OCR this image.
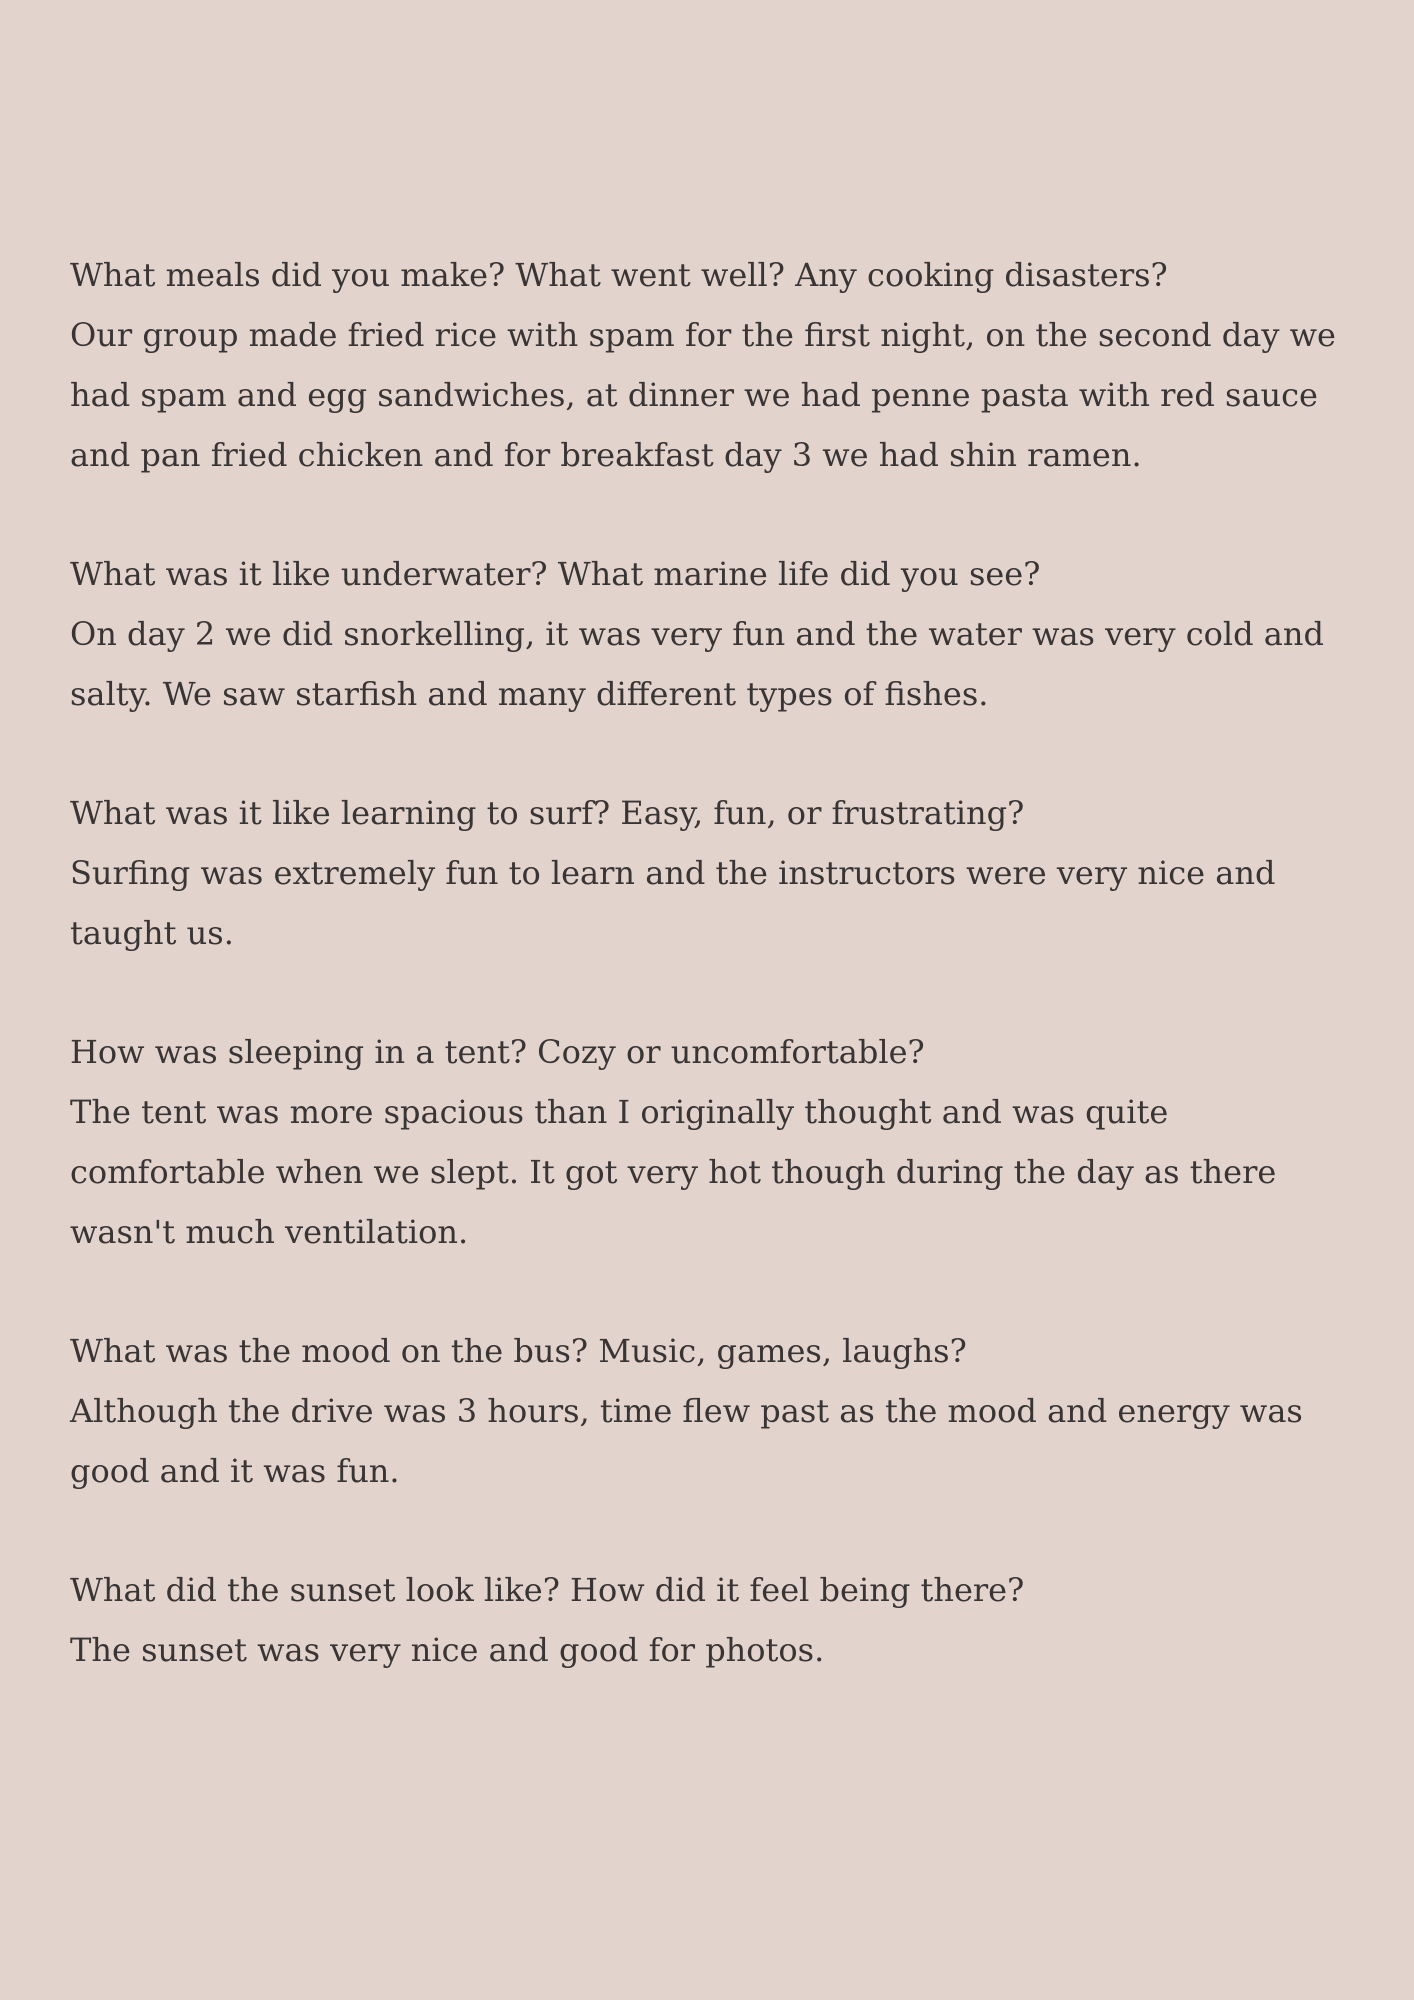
What meals did you make? What went well? Any cooking disasters?

Our group made fried rice with spam for the first night, on the second day we had spam and egg sandwiches, at dinner we had penne pasta with red sauce and pan fried chicken and for breakfast day 3 we had shin ramen.

What was it like underwater? What marine life did you see?

On day 2 we did snorkelling, it was very fun and the water was very cold and salty. We saw starfish and many different types of fishes.

What was it like learning to surf? Easy, fun, or frustrating?

Surfing was extremely fun to learn and the instructors were very nice and taught us.

How was sleeping in a tent? Cozy or uncomfortable?

The tent was more spacious than I originally thought and was quite comfortable when we slept. It got very hot though during the day as there wasn't much ventilation.

What was the mood on the bus? Music, games, laughs?

Although the drive was 3 hours, time flew past as the mood and energy was good and it was fun.

What did the sunset look like? How did it feel being there?

The sunset was very nice and good for photos.
